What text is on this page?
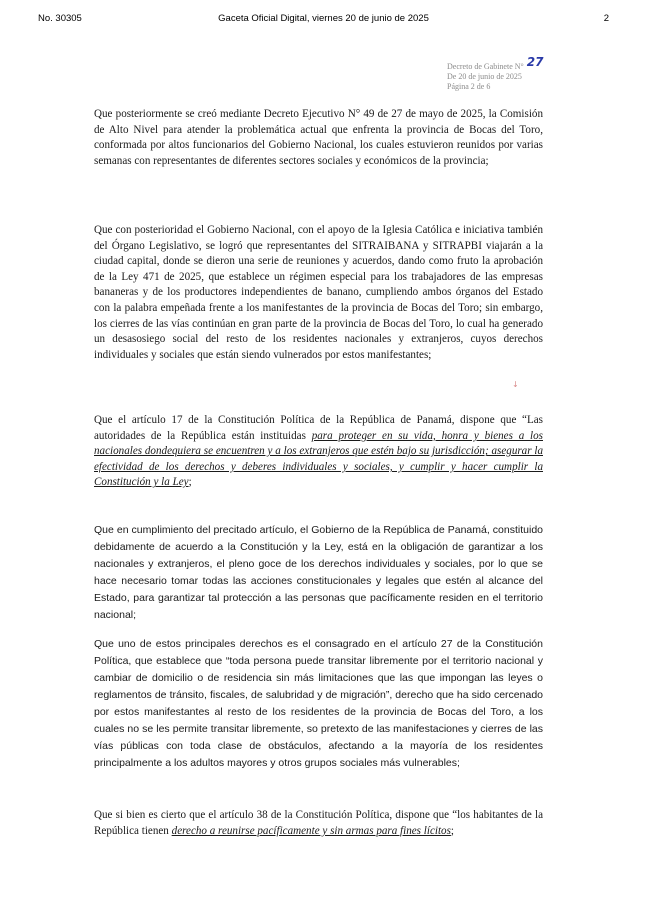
No. 30305	Gaceta Oficial Digital, viernes 20 de junio de 2025	2
Decreto de Gabinete N° 27
De 20 de junio de 2025
Página 2 de 6

Que posteriormente se creó mediante Decreto Ejecutivo N° 49 de 27 de mayo de 2025, la Comisión de Alto Nivel para atender la problemática actual que enfrenta la provincia de Bocas del Toro, conformada por altos funcionarios del Gobierno Nacional, los cuales estuvieron reunidos por varias semanas con representantes de diferentes sectores sociales y económicos de la provincia;

Que con posterioridad el Gobierno Nacional, con el apoyo de la Iglesia Católica e iniciativa también del Órgano Legislativo, se logró que representantes del SITRAIBANA y SITRAPBI viajarán a la ciudad capital, donde se dieron una serie de reuniones y acuerdos, dando como fruto la aprobación de la Ley 471 de 2025, que establece un régimen especial para los trabajadores de las empresas bananeras y de los productores independientes de banano, cumpliendo ambos órganos del Estado con la palabra empeñada frente a los manifestantes de la provincia de Bocas del Toro; sin embargo, los cierres de las vías continúan en gran parte de la provincia de Bocas del Toro, lo cual ha generado un desasosiego social del resto de los residentes nacionales y extranjeros, cuyos derechos individuales y sociales que están siendo vulnerados por estos manifestantes;

Que el artículo 17 de la Constitución Política de la República de Panamá, dispone que “Las autoridades de la República están instituidas para proteger en su vida, honra y bienes a los nacionales dondequiera se encuentren y a los extranjeros que estén bajo su jurisdicción; asegurar la efectividad de los derechos y deberes individuales y sociales, y cumplir y hacer cumplir la Constitución y la Ley;

Que en cumplimiento del precitado artículo, el Gobierno de la República de Panamá, constituido debidamente de acuerdo a la Constitución y la Ley, está en la obligación de garantizar a los nacionales y extranjeros, el pleno goce de los derechos individuales y sociales, por lo que se hace necesario tomar todas las acciones constitucionales y legales que estén al alcance del Estado, para garantizar tal protección a las personas que pacíficamente residen en el territorio nacional;

Que uno de estos principales derechos es el consagrado en el artículo 27 de la Constitución Política, que establece que “toda persona puede transitar libremente por el territorio nacional y cambiar de domicilio o de residencia sin más limitaciones que las que impongan las leyes o reglamentos de tránsito, fiscales, de salubridad y de migración”, derecho que ha sido cercenado por estos manifestantes al resto de los residentes de la provincia de Bocas del Toro, a los cuales no se les permite transitar libremente, so pretexto de las manifestaciones y cierres de las vías públicas con toda clase de obstáculos, afectando a la mayoría de los residentes principalmente a los adultos mayores y otros grupos sociales más vulnerables;

Que si bien es cierto que el artículo 38 de la Constitución Política, dispone que “los habitantes de la República tienen derecho a reunirse pacíficamente y sin armas para fines lícitos;

↓
